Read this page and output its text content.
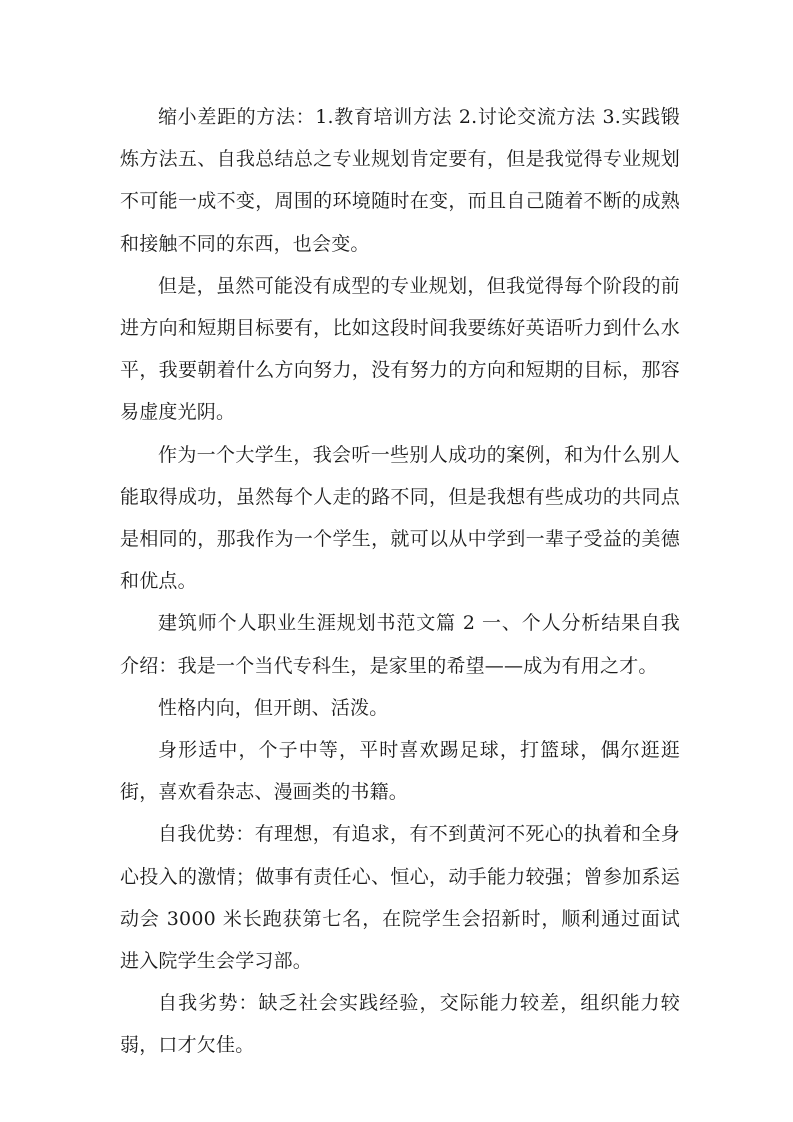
缩小差距的方法：1.教育培训方法 2.讨论交流方法 3.实践锻炼方法五、自我总结总之专业规划肯定要有，但是我觉得专业规划不可能一成不变，周围的环境随时在变，而且自己随着不断的成熟和接触不同的东西，也会变。

但是，虽然可能没有成型的专业规划，但我觉得每个阶段的前进方向和短期目标要有，比如这段时间我要练好英语听力到什么水平，我要朝着什么方向努力，没有努力的方向和短期的目标，那容易虚度光阴。

作为一个大学生，我会听一些别人成功的案例，和为什么别人能取得成功，虽然每个人走的路不同，但是我想有些成功的共同点是相同的，那我作为一个学生，就可以从中学到一辈子受益的美德和优点。

建筑师个人职业生涯规划书范文篇 2 一、个人分析结果自我介绍：我是一个当代专科生，是家里的希望——成为有用之才。

性格内向，但开朗、活泼。

身形适中，个子中等，平时喜欢踢足球，打篮球，偶尔逛逛街，喜欢看杂志、漫画类的书籍。

自我优势：有理想，有追求，有不到黄河不死心的执着和全身心投入的激情；做事有责任心、恒心，动手能力较强；曾参加系运动会 3000 米长跑获第七名，在院学生会招新时，顺利通过面试进入院学生会学习部。

自我劣势：缺乏社会实践经验，交际能力较差，组织能力较弱，口才欠佳。
